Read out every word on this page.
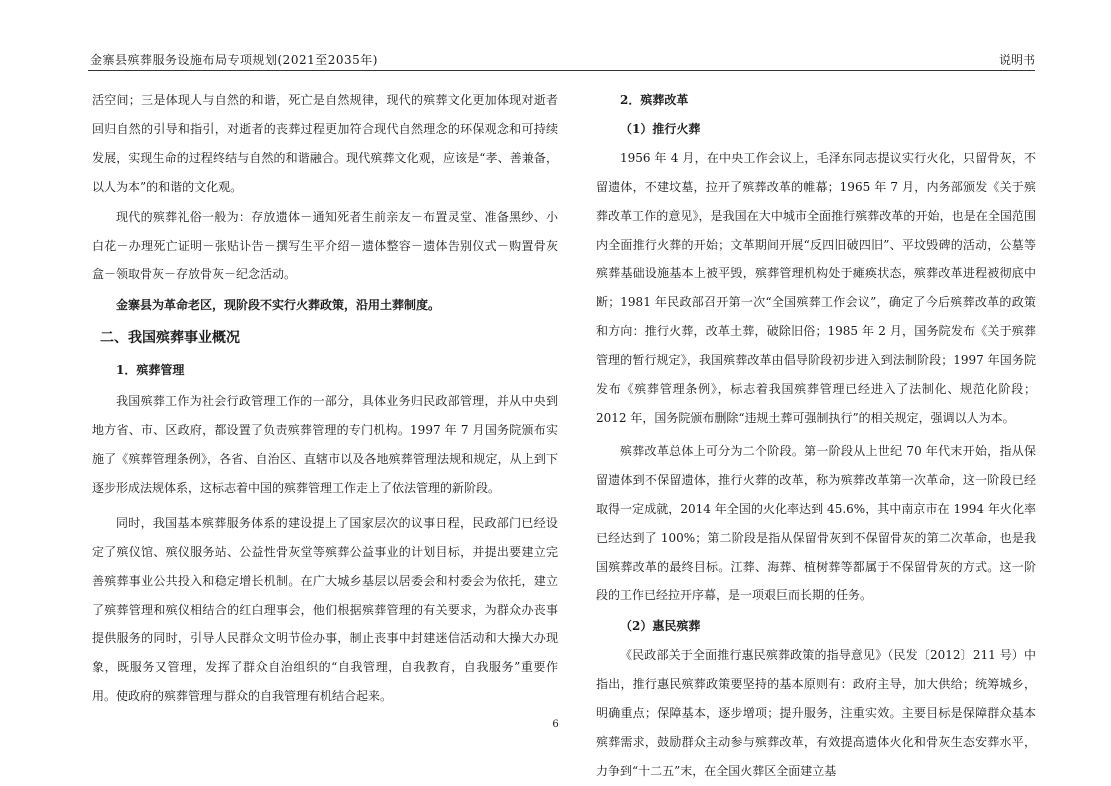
金寨县殡葬服务设施布局专项规划(2021至2035年)	说明书

活空间；三是体现人与自然的和谐，死亡是自然规律，现代的殡葬文化更加体现对逝者回归自然的引导和指引，对逝者的丧葬过程更加符合现代自然理念的环保观念和可持续发展，实现生命的过程终结与自然的和谐融合。现代殡葬文化观，应该是“孝、善兼备，以人为本”的和谐的文化观。

现代的殡葬礼俗一般为：存放遗体－通知死者生前亲友－布置灵堂、准备黑纱、小白花－办理死亡证明－张贴讣告－撰写生平介绍－遗体整容－遗体告别仪式－购置骨灰盒－领取骨灰－存放骨灰－纪念活动。

金寨县为革命老区，现阶段不实行火葬政策，沿用土葬制度。

二、我国殡葬事业概况

1．殡葬管理

我国殡葬工作为社会行政管理工作的一部分，具体业务归民政部管理，并从中央到地方省、市、区政府，都设置了负责殡葬管理的专门机构。1997 年 7 月国务院颁布实施了《殡葬管理条例》，各省、自治区、直辖市以及各地殡葬管理法规和规定，从上到下逐步形成法规体系，这标志着中国的殡葬管理工作走上了依法管理的新阶段。

同时，我国基本殡葬服务体系的建设提上了国家层次的议事日程，民政部门已经设定了殡仪馆、殡仪服务站、公益性骨灰堂等殡葬公益事业的计划目标，并提出要建立完善殡葬事业公共投入和稳定增长机制。在广大城乡基层以居委会和村委会为依托，建立了殡葬管理和殡仪相结合的红白理事会，他们根据殡葬管理的有关要求，为群众办丧事提供服务的同时，引导人民群众文明节俭办事，制止丧事中封建迷信活动和大操大办现象，既服务又管理，发挥了群众自治组织的“自我管理，自我教育，自我服务”重要作用。使政府的殡葬管理与群众的自我管理有机结合起来。

2．殡葬改革

（1）推行火葬

1956 年 4 月，在中央工作会议上，毛泽东同志提议实行火化，只留骨灰，不留遗体，不建坟墓，拉开了殡葬改革的帷幕；1965 年 7 月，内务部颁发《关于殡葬改革工作的意见》，是我国在大中城市全面推行殡葬改革的开始，也是在全国范围内全面推行火葬的开始；文革期间开展“反四旧破四旧”、平坟毁碑的活动，公墓等殡葬基础设施基本上被平毁，殡葬管理机构处于瘫痪状态，殡葬改革进程被彻底中断；1981 年民政部召开第一次“全国殡葬工作会议”，确定了今后殡葬改革的政策和方向：推行火葬，改革土葬，破除旧俗；1985 年 2 月，国务院发布《关于殡葬管理的暂行规定》，我国殡葬改革由倡导阶段初步进入到法制阶段；1997 年国务院发布《殡葬管理条例》，标志着我国殡葬管理已经进入了法制化、规范化阶段；2012 年，国务院颁布删除“违规土葬可强制执行”的相关规定，强调以人为本。

殡葬改革总体上可分为二个阶段。第一阶段从上世纪 70 年代末开始，指从保留遗体到不保留遗体，推行火葬的改革，称为殡葬改革第一次革命，这一阶段已经取得一定成就，2014 年全国的火化率达到 45.6%，其中南京市在 1994 年火化率已经达到了 100%；第二阶段是指从保留骨灰到不保留骨灰的第二次革命，也是我国殡葬改革的最终目标。江葬、海葬、植树葬等都属于不保留骨灰的方式。这一阶段的工作已经拉开序幕，是一项艰巨而长期的任务。

（2）惠民殡葬

《民政部关于全面推行惠民殡葬政策的指导意见》（民发〔2012〕211 号）中指出，推行惠民殡葬政策要坚持的基本原则有：政府主导，加大供给；统筹城乡，明确重点；保障基本，逐步增项；提升服务，注重实效。主要目标是保障群众基本殡葬需求，鼓励群众主动参与殡葬改革，有效提高遗体火化和骨灰生态安葬水平，力争到“十二五”末，在全国火葬区全面建立基

6
